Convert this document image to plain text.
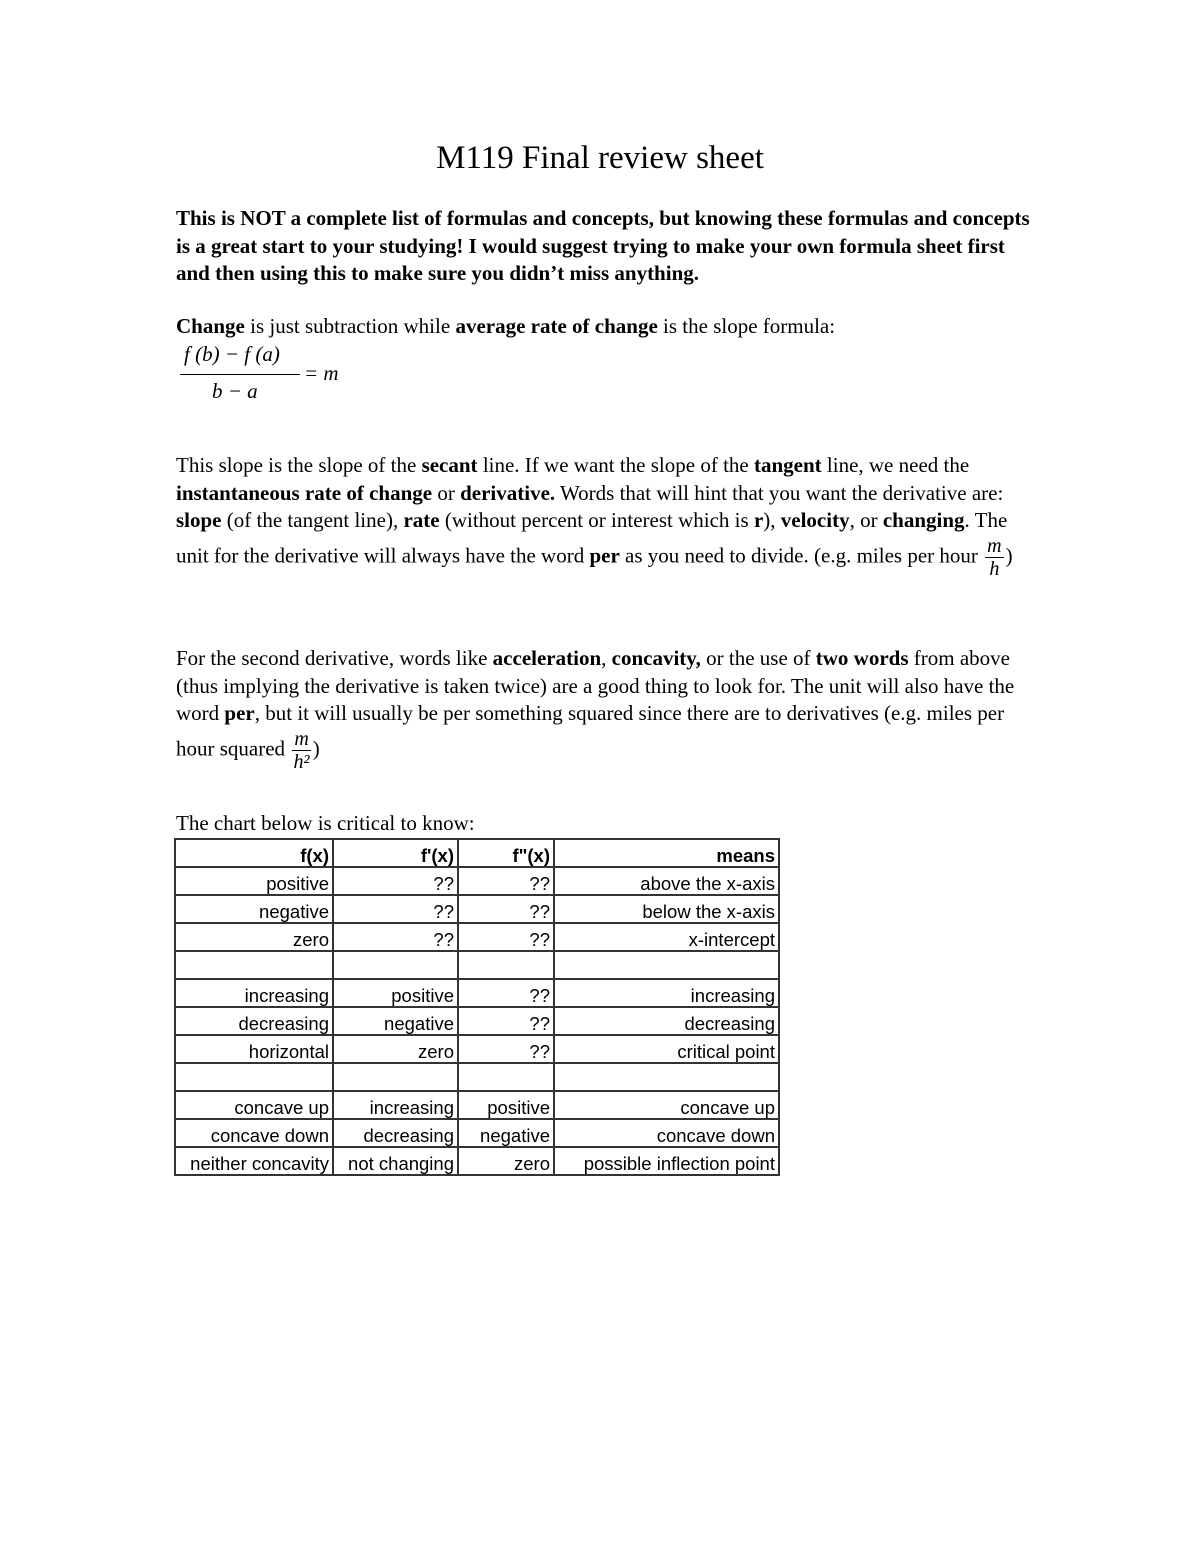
M119 Final review sheet
This is NOT a complete list of formulas and concepts, but knowing these formulas and concepts is a great start to your studying! I would suggest trying to make your own formula sheet first and then using this to make sure you didn’t miss anything.
Change is just subtraction while average rate of change is the slope formula:
f (b) − f (a)
b − a
= m
This slope is the slope of the secant line. If we want the slope of the tangent line, we need the instantaneous rate of change or derivative. Words that will hint that you want the derivative are: slope (of the tangent line), rate (without percent or interest which is r), velocity, or changing. The unit for the derivative will always have the word per as you need to divide. (e.g. miles per hour $\frac{m}{h}$ )
For the second derivative, words like acceleration, concavity, or the use of two words from above (thus implying the derivative is taken twice) are a good thing to look for. The unit will also have the word per, but it will usually be per something squared since there are to derivatives (e.g. miles per hour squared $\frac{m}{\text{h²}}$ )
The chart below is critical to know:
f(x)	f'(x)	f"(x)	means
positive	??	??	above the x-axis
negative	??	??	below the x-axis
zero	??	??	x-intercept

increasing	positive	??	increasing
decreasing	negative	??	decreasing
horizontal	zero	??	critical point

concave up	increasing	positive	concave up
concave down	decreasing	negative	concave down
neither concavity	not changing	zero	possible inflection point
